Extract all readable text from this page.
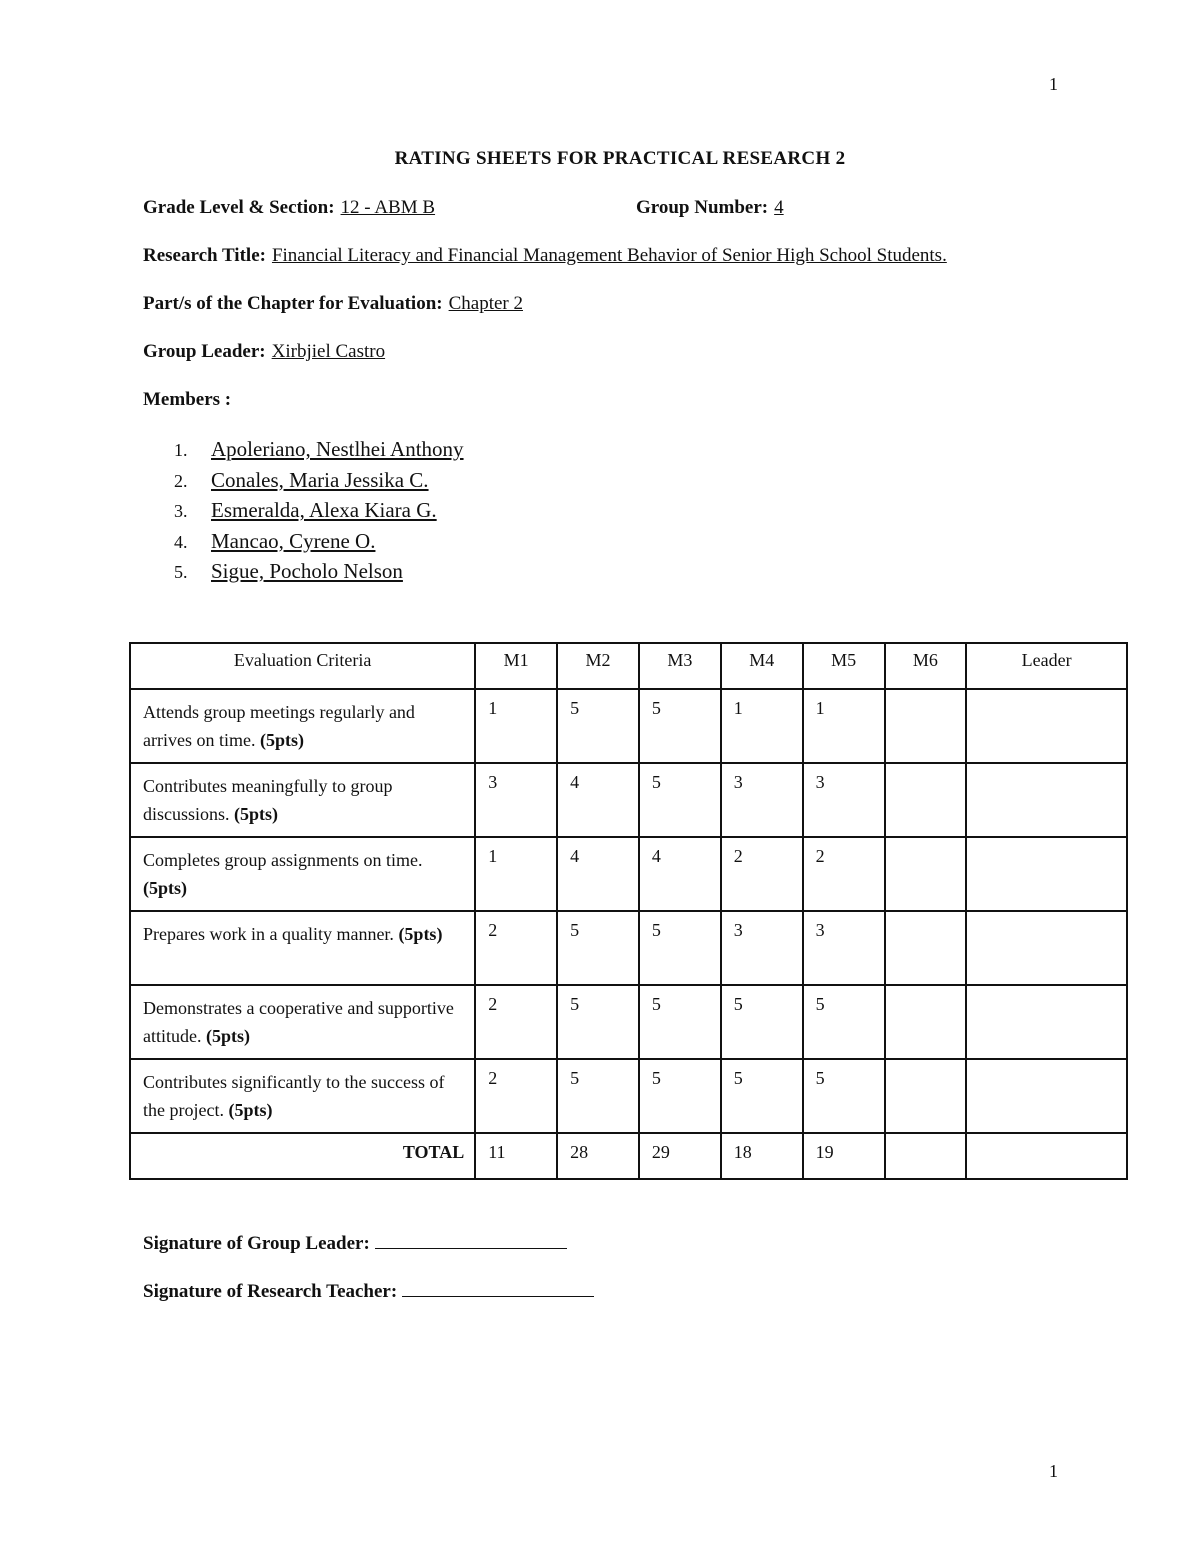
1
RATING SHEETS FOR PRACTICAL RESEARCH 2
Grade Level & Section: 12 - ABM B	Group Number: 4
Research Title: Financial Literacy and Financial Management Behavior of Senior High School Students.
Part/s of the Chapter for Evaluation: Chapter 2
Group Leader: Xirbjiel Castro
Members :
1. Apoleriano, Nestlhei Anthony
2. Conales, Maria Jessika C.
3. Esmeralda, Alexa Kiara G.
4. Mancao, Cyrene O.
5. Sigue, Pocholo Nelson
Evaluation Criteria	M1	M2	M3	M4	M5	M6	Leader
Attends group meetings regularly and arrives on time. (5pts)	1	5	5	1	1		
Contributes meaningfully to group discussions. (5pts)	3	4	5	3	3		
Completes group assignments on time. (5pts)	1	4	4	2	2		
Prepares work in a quality manner. (5pts)	2	5	5	3	3		
Demonstrates a cooperative and supportive attitude. (5pts)	2	5	5	5	5		
Contributes significantly to the success of the project. (5pts)	2	5	5	5	5		
TOTAL	11	28	29	18	19		
Signature of Group Leader:
Signature of Research Teacher:
1
